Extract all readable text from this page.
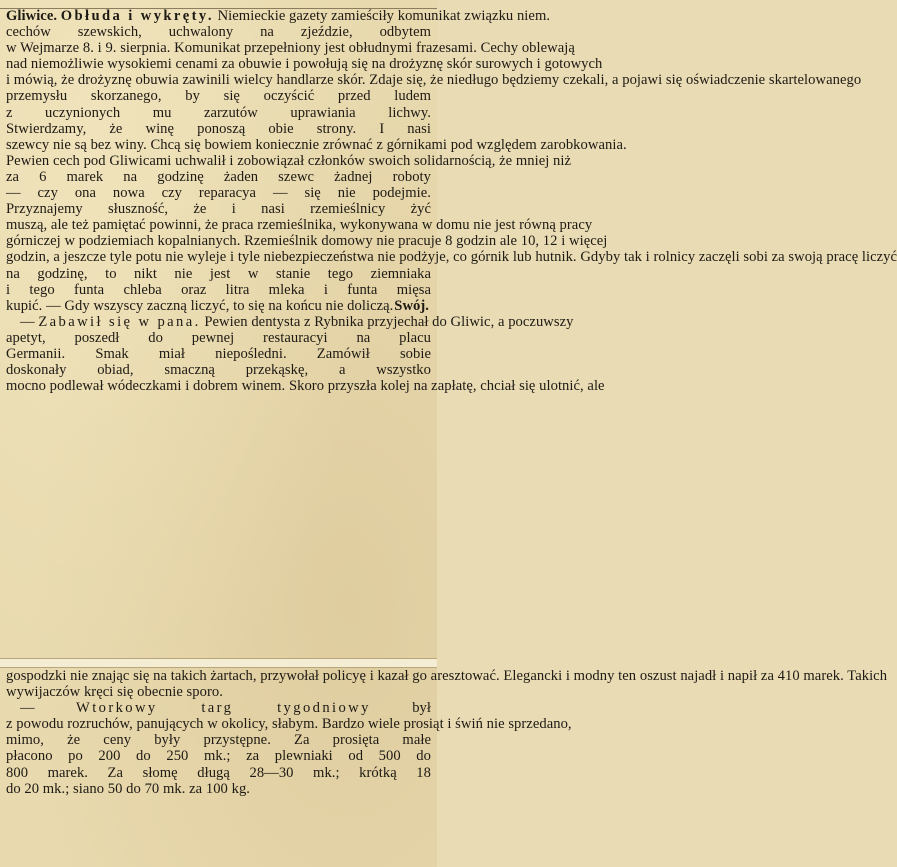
Gliwice. Obłuda i wykręty. Niemieckie gazety zamieściły komunikat związku niem.
cechów szewskich, uchwalony na zjeździe, odbytem
w Wejmarze 8. i 9. sierpnia. Komunikat przepełniony jest obłudnymi frazesami. Cechy oblewają
nad niemożliwie wysokiemi cenami za obuwie i powołują się na drożyznę skór surowych i gotowych
i mówią, że drożyznę obuwia zawinili wielcy handlarze skór. Zdaje się, że niedługo będziemy czekali, a pojawi się oświadczenie skartelowanego
przemysłu skorzanego, by się oczyścić przed ludem
z uczynionych mu zarzutów uprawiania lichwy.
Stwierdzamy, że winę ponoszą obie strony. I nasi
szewcy nie są bez winy. Chcą się bowiem koniecznie zrównać z górnikami pod względem zarobkowania.
Pewien cech pod Gliwicami uchwalił i zobowiązał członków swoich solidarnością, że mniej niż
za 6 marek na godzinę żaden szewc żadnej roboty
— czy ona nowa czy reparacya — się nie podejmie.
Przyznajemy słuszność, że i nasi rzemieślnicy żyć
muszą, ale też pamiętać powinni, że praca rzemieślnika, wykonywana w domu nie jest równą pracy
górniczej w podziemiach kopalnianych. Rzemieślnik domowy nie pracuje 8 godzin ale 10, 12 i więcej
godzin, a jeszcze tyle potu nie wyleje i tyle niebezpieczeństwa nie podżyje, co górnik lub hutnik. Gdyby tak i rolnicy zaczęli sobi za swoją pracę liczyć
na godzinę, to nikt nie jest w stanie tego ziemniaka
i tego funta chleba oraz litra mleka i funta mięsa
kupić. — Gdy wszyscy zaczną liczyć, to się na końcu nie doliczą. Swój.
— Zabawił się w pana. Pewien dentysta z Rybnika przyjechał do Gliwic, a poczuwszy
apetyt, poszedł do pewnej restauracyi na placu
Germanii. Smak miał niepośledni. Zamówił sobie
doskonały obiad, smaczną przekąskę, a wszystko
mocno podlewał wódeczkami i dobrem winem. Skoro przyszła kolej na zapłatę, chciał się ulotnić, ale
gospodzki nie znając się na takich żartach, przywołał policyę i kazał go aresztować. Elegancki i modny ten oszust najadł i napił za 410 marek. Takich
wywijaczów kręci się obecnie sporo.
— Wtorkowy targ tygodniowy był
z powodu rozruchów, panujących w okolicy, słabym. Bardzo wiele prosiąt i świń nie sprzedano,
mimo, że ceny były przystępne. Za prosięta małe
płacono po 200 do 250 mk.; za plewniaki od 500 do
800 marek. Za słomę długą 28—30 mk.; krótką 18
do 20 mk.; siano 50 do 70 mk. za 100 kg.
